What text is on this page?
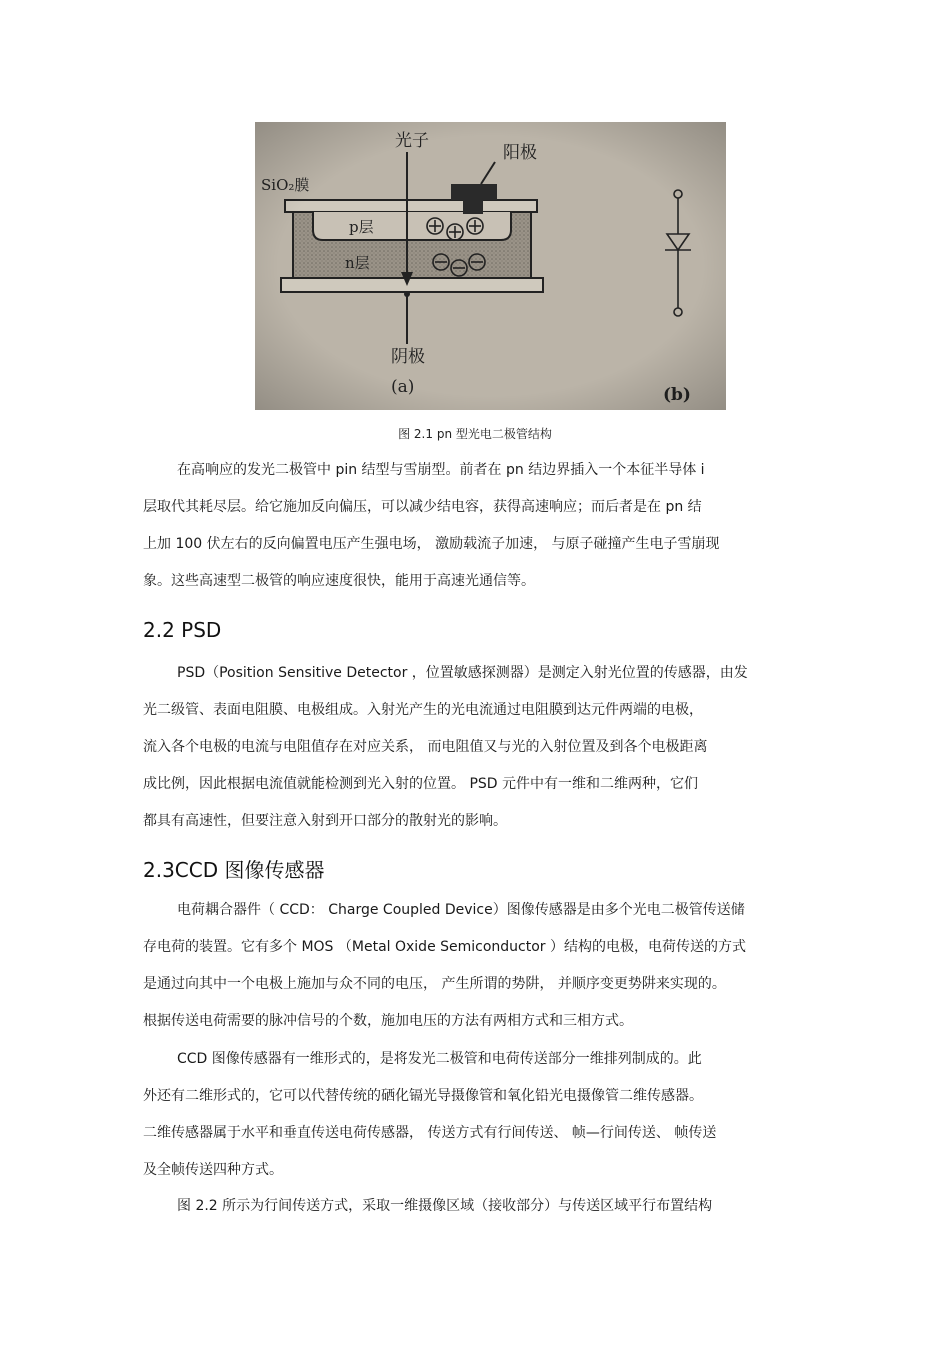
图 2.1 pn 型光电二极管结构
在高响应的发光二极管中 pin 结型与雪崩型。前者在 pn 结边界插入一个本征半导体 i
层取代其耗尽层。给它施加反向偏压，可以减少结电容，获得高速响应；而后者是在 pn 结
上加 100 伏左右的反向偏置电压产生强电场， 激励载流子加速， 与原子碰撞产生电子雪崩现
象。这些高速型二极管的响应速度很快，能用于高速光通信等。
2.2 PSD
PSD（Position Sensitive Detector ，位置敏感探测器）是测定入射光位置的传感器，由发
光二级管、表面电阻膜、电极组成。入射光产生的光电流通过电阻膜到达元件两端的电极，
流入各个电极的电流与电阻值存在对应关系， 而电阻值又与光的入射位置及到各个电极距离
成比例，因此根据电流值就能检测到光入射的位置。 PSD 元件中有一维和二维两种，它们
都具有高速性，但要注意入射到开口部分的散射光的影响。
2.3CCD 图像传感器
电荷耦合器件（ CCD： Charge Coupled Device）图像传感器是由多个光电二极管传送储
存电荷的装置。它有多个 MOS （Metal Oxide Semiconductor ）结构的电极，电荷传送的方式
是通过向其中一个电极上施加与众不同的电压， 产生所谓的势阱， 并顺序变更势阱来实现的。
根据传送电荷需要的脉冲信号的个数，施加电压的方法有两相方式和三相方式。
CCD 图像传感器有一维形式的，是将发光二极管和电荷传送部分一维排列制成的。此
外还有二维形式的，它可以代替传统的硒化镉光导摄像管和氧化铅光电摄像管二维传感器。
二维传感器属于水平和垂直传送电荷传感器， 传送方式有行间传送、 帧—行间传送、 帧传送
及全帧传送四种方式。
图 2.2 所示为行间传送方式，采取一维摄像区域（接收部分）与传送区域平行布置结构
